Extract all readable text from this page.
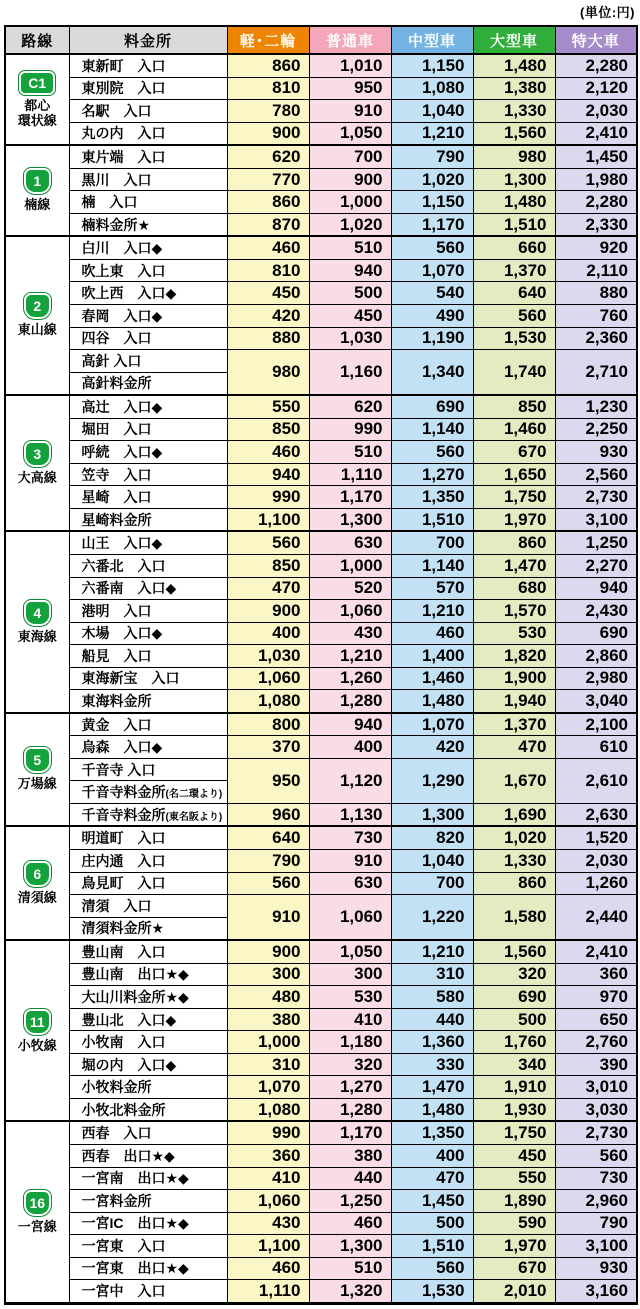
(単位:円)
路線	料金所	軽･二輪	普通車	中型車	大型車	特大車
C1
都心
環状線	東新町　入口	860	1,010	1,150	1,480	2,280
	東別院　入口	810	950	1,080	1,380	2,120
	名駅　入口	780	910	1,040	1,330	2,030
	丸の内　入口	900	1,050	1,210	1,560	2,410
1
楠線	東片端　入口	620	700	790	980	1,450
	黒川　入口	770	900	1,020	1,300	1,980
	楠　入口	860	1,000	1,150	1,480	2,280
	楠料金所★	870	1,020	1,170	1,510	2,330
2
東山線	白川　入口◆	460	510	560	660	920
	吹上東　入口	810	940	1,070	1,370	2,110
	吹上西　入口◆	450	500	540	640	880
	春岡　入口◆	420	450	490	560	760
	四谷　入口	880	1,030	1,190	1,530	2,360
	高針 入口	980	1,160	1,340	1,740	2,710
	高針料金所					
3
大高線	高辻　入口◆	550	620	690	850	1,230
	堀田　入口	850	990	1,140	1,460	2,250
	呼続　入口◆	460	510	560	670	930
	笠寺　入口	940	1,110	1,270	1,650	2,560
	星崎　入口	990	1,170	1,350	1,750	2,730
	星崎料金所	1,100	1,300	1,510	1,970	3,100
4
東海線	山王　入口◆	560	630	700	860	1,250
	六番北　入口	850	1,000	1,140	1,470	2,270
	六番南　入口◆	470	520	570	680	940
	港明　入口	900	1,060	1,210	1,570	2,430
	木場　入口◆	400	430	460	530	690
	船見　入口	1,030	1,210	1,400	1,820	2,860
	東海新宝　入口	1,060	1,260	1,460	1,900	2,980
	東海料金所	1,080	1,280	1,480	1,940	3,040
5
万場線	黄金　入口	800	940	1,070	1,370	2,100
	烏森　入口◆	370	400	420	470	610
	千音寺 入口	950	1,120	1,290	1,670	2,610
	千音寺料金所(名二環より)					
	千音寺料金所(東名阪より)	960	1,130	1,300	1,690	2,630
6
清須線	明道町　入口	640	730	820	1,020	1,520
	庄内通　入口	790	910	1,040	1,330	2,030
	鳥見町　入口	560	630	700	860	1,260
	清須　入口	910	1,060	1,220	1,580	2,440
	清須料金所★					
11
小牧線	豊山南　入口	900	1,050	1,210	1,560	2,410
	豊山南　出口★◆	300	300	310	320	360
	大山川料金所★◆	480	530	580	690	970
	豊山北　入口◆	380	410	440	500	650
	小牧南　入口	1,000	1,180	1,360	1,760	2,760
	堀の内　入口◆	310	320	330	340	390
	小牧料金所	1,070	1,270	1,470	1,910	3,010
	小牧北料金所	1,080	1,280	1,480	1,930	3,030
16
一宮線	西春　入口	990	1,170	1,350	1,750	2,730
	西春　出口★◆	360	380	400	450	560
	一宮南　出口★◆	410	440	470	550	730
	一宮料金所	1,060	1,250	1,450	1,890	2,960
	一宮IC　出口★◆	430	460	500	590	790
	一宮東　入口	1,100	1,300	1,510	1,970	3,100
	一宮東　出口★◆	460	510	560	670	930
	一宮中　入口	1,110	1,320	1,530	2,010	3,160
